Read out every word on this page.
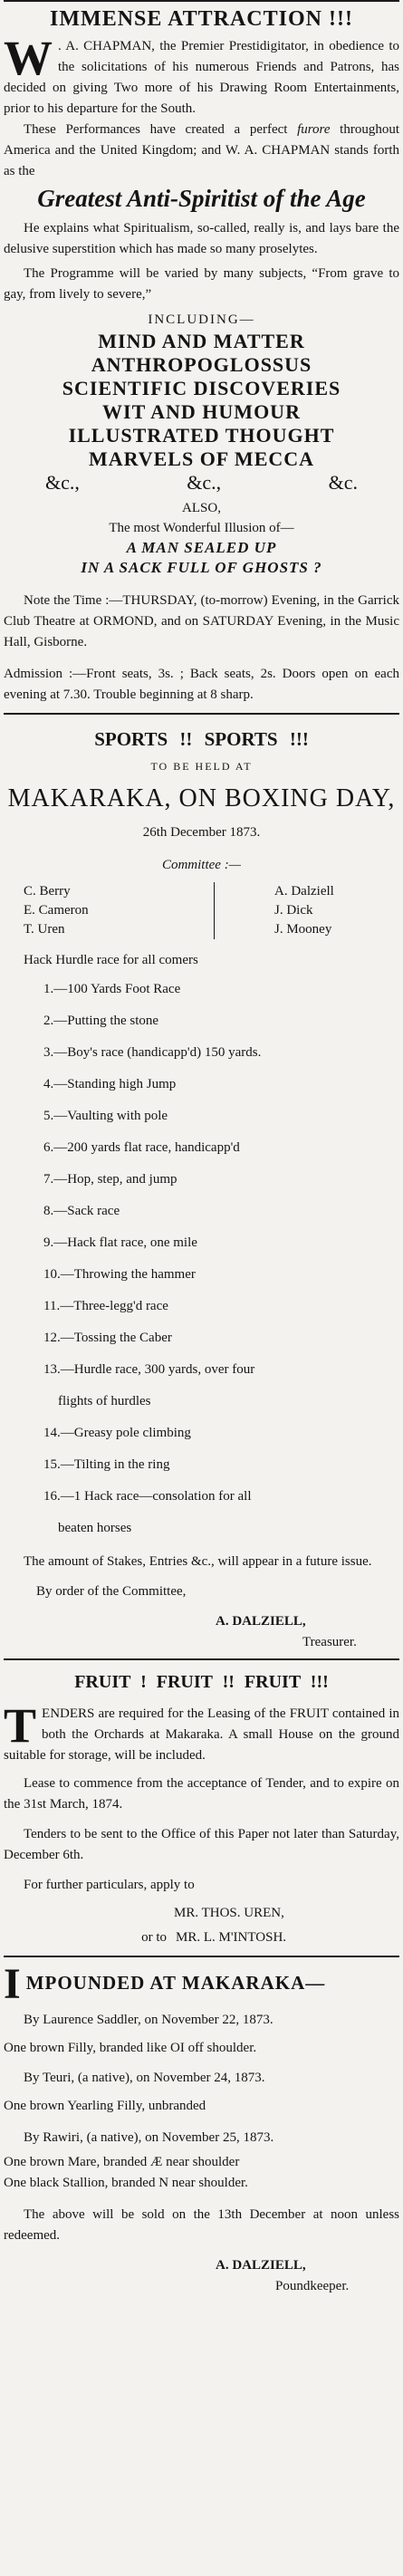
IMMENSE ATTRACTION !!!
W . A. CHAPMAN, the Premier Prestidigitator, in obedience to the solicitations of his numerous Friends and Patrons, has decided on giving Two more of his Drawing Room Entertainments, prior to his departure for the South.
These Performances have created a perfect furore throughout America and the United Kingdom; and W. A. CHAPMAN stands forth as the
Greatest Anti-Spiritist of the Age
He explains what Spiritualism, so-called, really is, and lays bare the delusive superstition which has made so many proselytes.
The Programme will be varied by many subjects, “From grave to gay, from lively to severe,”
INCLUDING—
MIND AND MATTER
ANTHROPOGLOSSUS
SCIENTIFIC DISCOVERIES
WIT AND HUMOUR
ILLUSTRATED THOUGHT
MARVELS OF MECCA
&c.,	&c.,	&c.
ALSO,
The most Wonderful Illusion of—
A MAN SEALED UP
IN A SACK FULL OF GHOSTS ?
Note the Time :—THURSDAY, (to-morrow) Evening, in the Garrick Club Theatre at ORMOND, and on SATURDAY Evening, in the Music Hall, Gisborne.
Admission :—Front seats, 3s. ; Back seats, 2s. Doors open on each evening at 7.30. Trouble beginning at 8 sharp.
SPORTS !! SPORTS !!!
TO BE HELD AT
MAKARAKA, ON BOXING DAY,
26th December 1873.
Committee :—
C. Berry
E. Cameron
T. Uren
A. Dalziell
J. Dick
J. Mooney
Hack Hurdle race for all comers
1.—100 Yards Foot Race
2.—Putting the stone
3.—Boy's race (handicapp'd) 150 yards.
4.—Standing high Jump
5.—Vaulting with pole
6.—200 yards flat race, handicapp'd
7.—Hop, step, and jump
8.—Sack race
9.—Hack flat race, one mile
10.—Throwing the hammer
11.—Three-legg'd race
12.—Tossing the Caber
13.—Hurdle race, 300 yards, over four
flights of hurdles
14.—Greasy pole climbing
15.—Tilting in the ring
16.—1 Hack race—consolation for all
beaten horses
The amount of Stakes, Entries &c., will appear in a future issue.
By order of the Committee,
A. DALZIELL,
Treasurer.
FRUIT ! FRUIT !! FRUIT !!!
T ENDERS are required for the Leasing of the FRUIT contained in both the Orchards at Makaraka. A small House on the ground suitable for storage, will be included.
Lease to commence from the acceptance of Tender, and to expire on the 31st March, 1874.
Tenders to be sent to the Office of this Paper not later than Saturday, December 6th.
For further particulars, apply to
MR. THOS. UREN,
or to MR. L. M'INTOSH.
I MPOUNDED AT MAKARAKA—
By Laurence Saddler, on November 22, 1873.
One brown Filly, branded like OI off shoulder.
By Teuri, (a native), on November 24, 1873.
One brown Yearling Filly, unbranded
By Rawiri, (a native), on November 25, 1873.
One brown Mare, branded Æ near shoulder
One black Stallion, branded N near shoulder.
The above will be sold on the 13th December at noon unless redeemed.
A. DALZIELL,
Poundkeeper.
